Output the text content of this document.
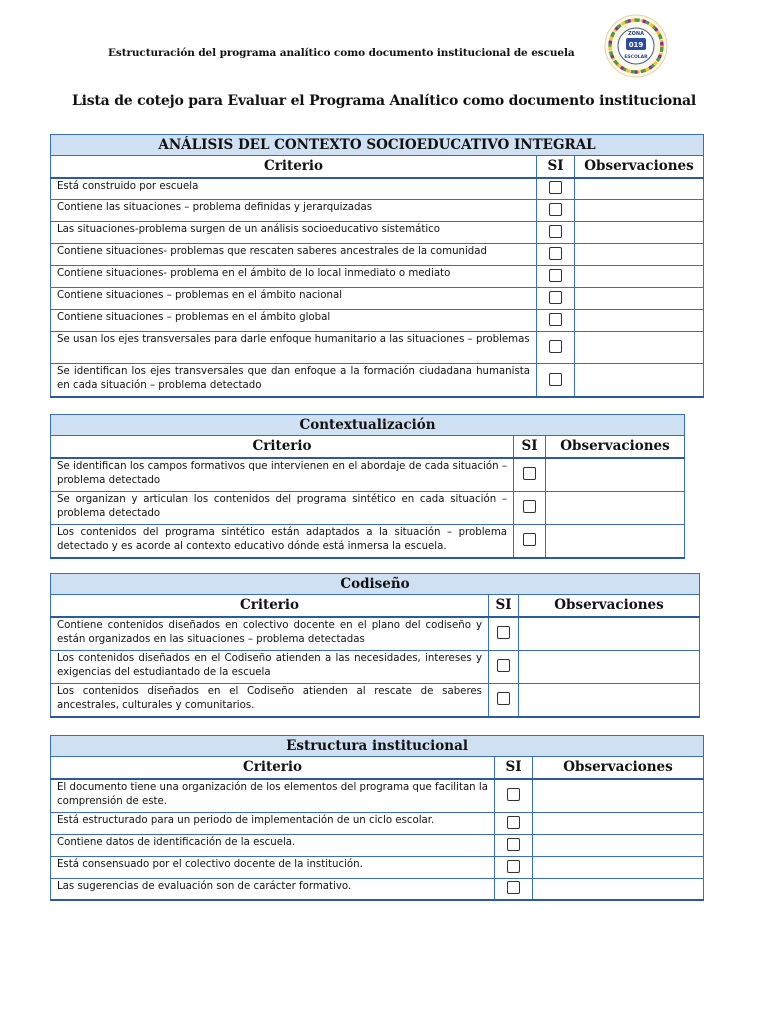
Estructuración del programa analítico como documento institucional de escuela
ZONA
019
ESCOLAR
Lista de cotejo para Evaluar el Programa Analítico como documento institucional
ANÁLISIS DEL CONTEXTO SOCIOEDUCATIVO INTEGRAL		
Criterio	SI	Observaciones
Está construido por escuela		
Contiene las situaciones – problema definidas y jerarquizadas		
Las situaciones-problema surgen de un análisis socioeducativo sistemático		
Contiene situaciones- problemas que rescaten saberes ancestrales de la comunidad		
Contiene situaciones- problema en el ámbito de lo local inmediato o mediato		
Contiene situaciones – problemas en el ámbito nacional		
Contiene situaciones – problemas en el ámbito global		
Se usan los ejes transversales para darle enfoque humanitario a las situaciones – problemas		
Se identifican los ejes transversales que dan enfoque a la formación ciudadana humanista en cada situación – problema detectado		
Contextualización		
Criterio	SI	Observaciones
Se identifican los campos formativos que intervienen en el abordaje de cada situación – problema detectado		
Se organizan y articulan los contenidos del programa sintético en cada situación – problema detectado		
Los contenidos del programa sintético están adaptados a la situación – problema detectado y es acorde al contexto educativo dónde está inmersa la escuela.		
Codiseño		
Criterio	SI	Observaciones
Contiene contenidos diseñados en colectivo docente en el plano del codiseño y están organizados en las situaciones – problema detectadas		
Los contenidos diseñados en el Codiseño atienden a las necesidades, intereses y exigencias del estudiantado de la escuela		
Los contenidos diseñados en el Codiseño atienden al rescate de saberes ancestrales, culturales y comunitarios.		
Estructura institucional		
Criterio	SI	Observaciones
El documento tiene una organización de los elementos del programa que facilitan la comprensión de este.		
Está estructurado para un periodo de implementación de un ciclo escolar.		
Contiene datos de identificación de la escuela.		
Está consensuado por el colectivo docente de la institución.		
Las sugerencias de evaluación son de carácter formativo.		
